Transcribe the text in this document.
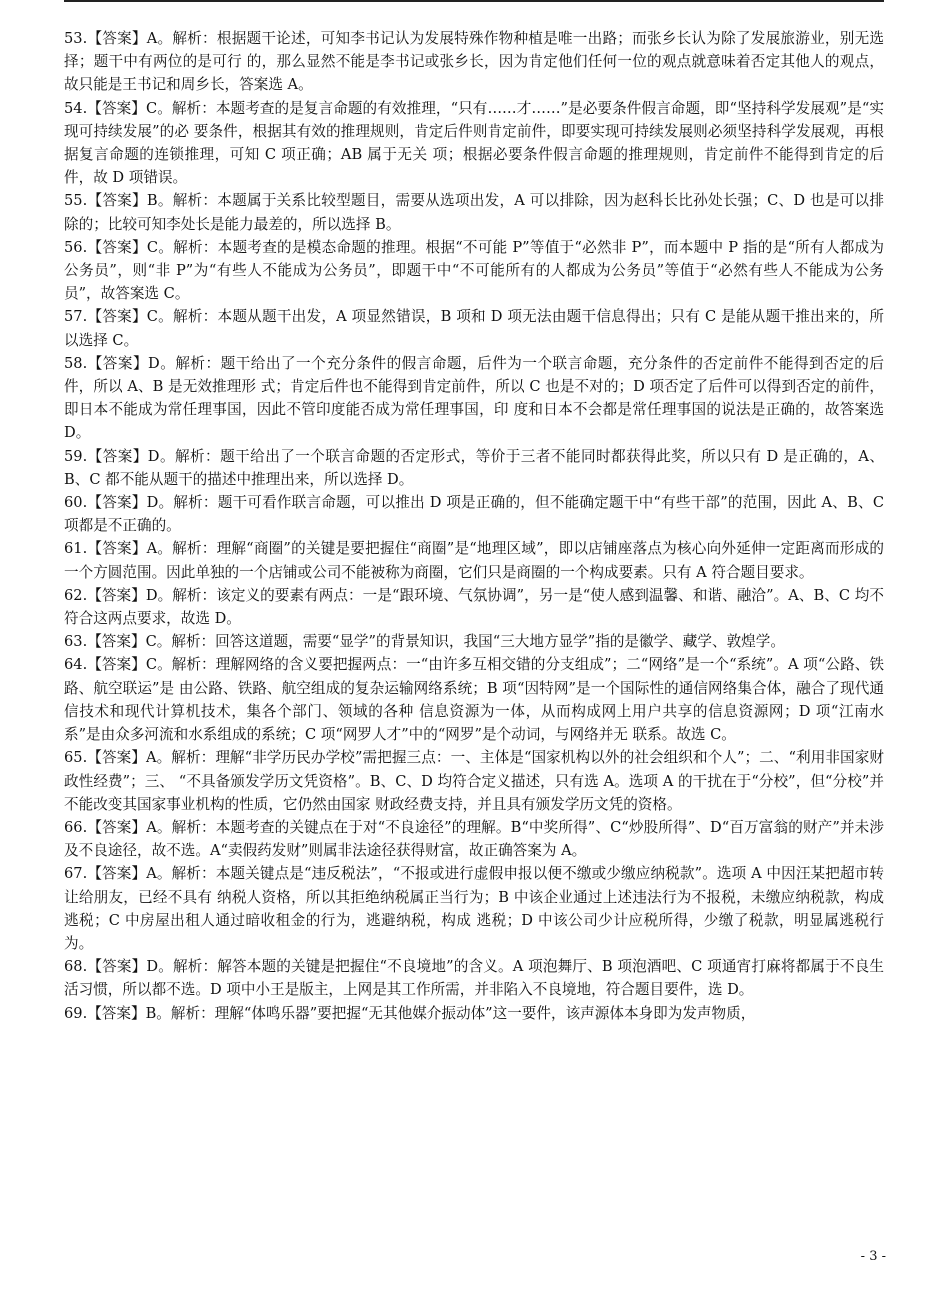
53.【答案】A。解析：根据题干论述，可知李书记认为发展特殊作物种植是唯一出路；而张乡长认为除了发展旅游业，别无选择；题干中有两位的是可行 的，那么显然不能是李书记或张乡长，因为肯定他们任何一位的观点就意味着否定其他人的观点，故只能是王书记和周乡长，答案选 A。

54.【答案】C。解析：本题考查的是复言命题的有效推理，“只有……才……”是必要条件假言命题，即“坚持科学发展观”是“实现可持续发展”的必 要条件，根据其有效的推理规则，肯定后件则肯定前件，即要实现可持续发展则必须坚持科学发展观，再根据复言命题的连锁推理，可知 C 项正确；AB 属于无关 项；根据必要条件假言命题的推理规则，肯定前件不能得到肯定的后件，故 D 项错误。

55.【答案】B。解析：本题属于关系比较型题目，需要从选项出发，A 可以排除，因为赵科长比孙处长强；C、D 也是可以排除的；比较可知李处长是能力最差的，所以选择 B。

56.【答案】C。解析：本题考查的是模态命题的推理。根据“不可能 P”等值于“必然非 P”，而本题中 P 指的是“所有人都成为公务员”，则“非 P”为“有些人不能成为公务员”，即题干中“不可能所有的人都成为公务员”等值于“必然有些人不能成为公务员”，故答案选 C。

57.【答案】C。解析：本题从题干出发，A 项显然错误，B 项和 D 项无法由题干信息得出；只有 C 是能从题干推出来的，所以选择 C。

58.【答案】D。解析：题干给出了一个充分条件的假言命题，后件为一个联言命题，充分条件的否定前件不能得到否定的后件，所以 A、B 是无效推理形 式；肯定后件也不能得到肯定前件，所以 C 也是不对的；D 项否定了后件可以得到否定的前件，即日本不能成为常任理事国，因此不管印度能否成为常任理事国，印 度和日本不会都是常任理事国的说法是正确的，故答案选 D。

59.【答案】D。解析：题干给出了一个联言命题的否定形式，等价于三者不能同时都获得此奖，所以只有 D 是正确的，A、B、C 都不能从题干的描述中推理出来，所以选择 D。

60.【答案】D。解析：题干可看作联言命题，可以推出 D 项是正确的，但不能确定题干中“有些干部”的范围，因此 A、B、C 项都是不正确的。

61.【答案】A。解析：理解“商圈”的关键是要把握住“商圈”是“地理区域”，即以店铺座落点为核心向外延伸一定距离而形成的一个方圆范围。因此单独的一个店铺或公司不能被称为商圈，它们只是商圈的一个构成要素。只有 A 符合题目要求。

62.【答案】D。解析：该定义的要素有两点：一是“跟环境、气氛协调”，另一是“使人感到温馨、和谐、融洽”。A、B、C 均不符合这两点要求，故选 D。

63.【答案】C。解析：回答这道题，需要“显学”的背景知识，我国“三大地方显学”指的是徽学、藏学、敦煌学。

64.【答案】C。解析：理解网络的含义要把握两点：一“由许多互相交错的分支组成”；二“网络”是一个“系统”。A 项“公路、铁路、航空联运”是 由公路、铁路、航空组成的复杂运输网络系统；B 项“因特网”是一个国际性的通信网络集合体，融合了现代通信技术和现代计算机技术，集各个部门、领域的各种 信息资源为一体，从而构成网上用户共享的信息资源网；D 项“江南水系”是由众多河流和水系组成的系统；C 项“网罗人才”中的“网罗”是个动词，与网络并无 联系。故选 C。

65.【答案】A。解析：理解“非学历民办学校”需把握三点：一、主体是“国家机构以外的社会组织和个人”；二、“利用非国家财政性经费”；三、 “不具备颁发学历文凭资格”。B、C、D 均符合定义描述，只有选 A。选项 A 的干扰在于“分校”，但“分校”并不能改变其国家事业机构的性质，它仍然由国家 财政经费支持，并且具有颁发学历文凭的资格。

66.【答案】A。解析：本题考查的关键点在于对“不良途径”的理解。B“中奖所得”、C“炒股所得”、D“百万富翁的财产”并未涉及不良途径，故不选。A“卖假药发财”则属非法途径获得财富，故正确答案为 A。

67.【答案】A。解析：本题关键点是“违反税法”，“不报或进行虚假申报以便不缴或少缴应纳税款”。选项 A 中因汪某把超市转让给朋友，已经不具有 纳税人资格，所以其拒绝纳税属正当行为；B 中该企业通过上述违法行为不报税，未缴应纳税款，构成逃税；C 中房屋出租人通过暗收租金的行为，逃避纳税，构成 逃税；D 中该公司少计应税所得，少缴了税款，明显属逃税行为。

68.【答案】D。解析：解答本题的关键是把握住“不良境地”的含义。A 项泡舞厅、B 项泡酒吧、C 项通宵打麻将都属于不良生活习惯，所以都不选。D 项中小王是版主，上网是其工作所需，并非陷入不良境地，符合题目要件，选 D。

69.【答案】B。解析：理解“体鸣乐器”要把握“无其他媒介振动体”这一要件，该声源体本身即为发声物质，

- 3 -
